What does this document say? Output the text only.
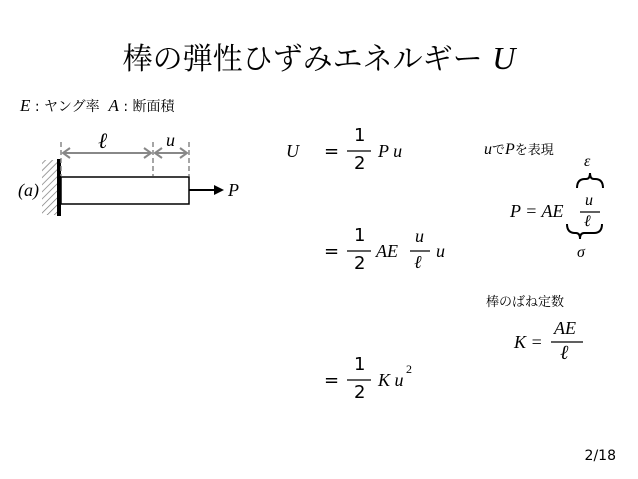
棒の弾性ひずみエネルギー U
E : ヤング率 A : 断面積
(a)
ℓ	u
P
U =
1
2
P u
=
1
2
AE
u
ℓ
u
=
1
2
K u
2
uでPを表現
ε
P = AE
u
ℓ
σ
棒のばね定数
K =
AE
ℓ
2/18
